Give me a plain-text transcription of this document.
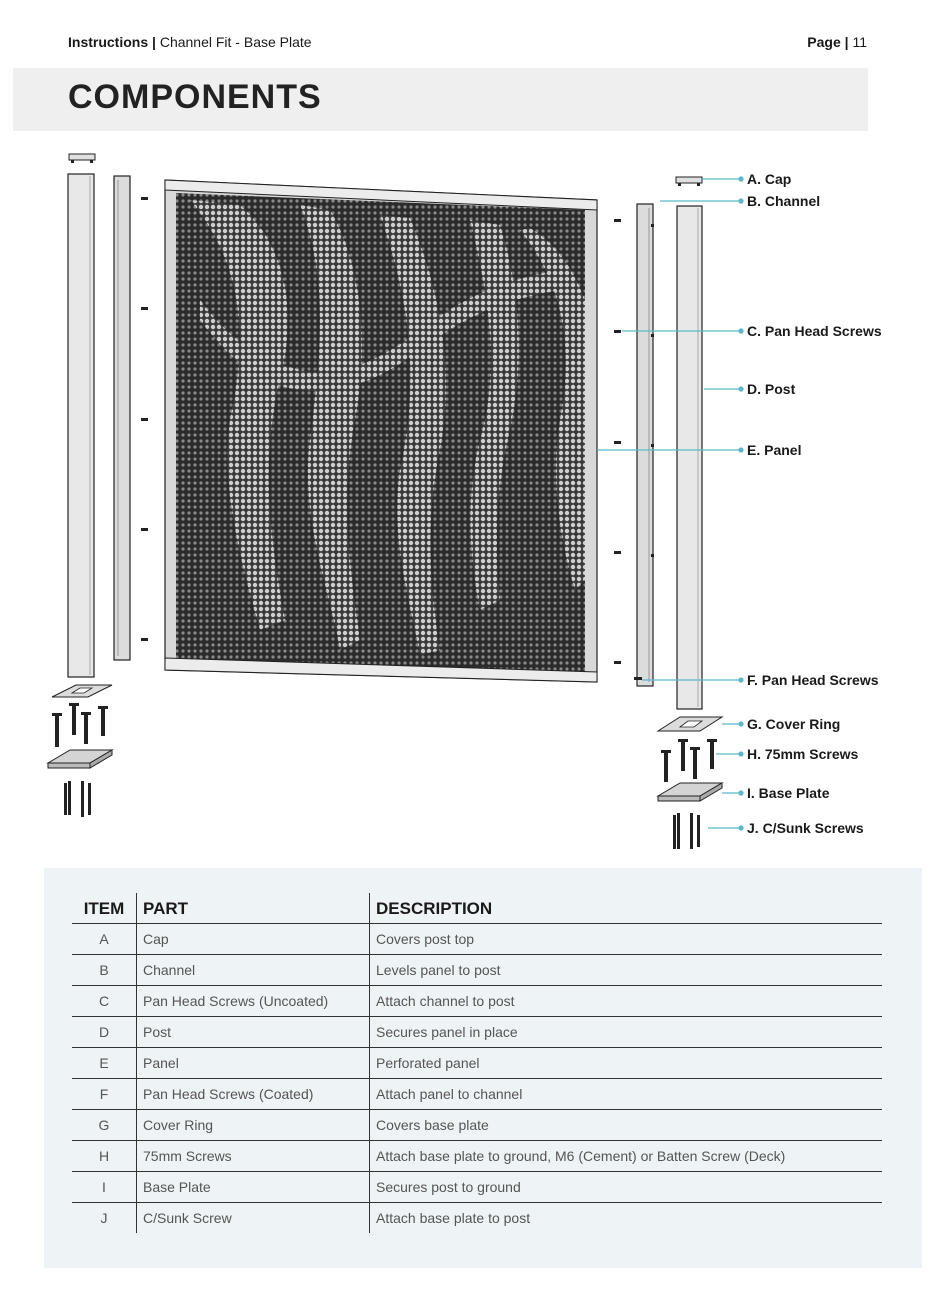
Instructions | Channel Fit - Base Plate	Page | 11
COMPONENTS
A. Cap
B. Channel
C. Pan Head Screws
D. Post
E. Panel
F. Pan Head Screws
G. Cover Ring
H. 75mm Screws
I. Base Plate
J. C/Sunk Screws
ITEM	PART	DESCRIPTION
A	Cap	Covers post top
B	Channel	Levels panel to post
C	Pan Head Screws (Uncoated)	Attach channel to post
D	Post	Secures panel in place
E	Panel	Perforated panel
F	Pan Head Screws (Coated)	Attach panel to channel
G	Cover Ring	Covers base plate
H	75mm Screws	Attach base plate to ground, M6 (Cement) or Batten Screw (Deck)
I	Base Plate	Secures post to ground
J	C/Sunk Screw	Attach base plate to post
